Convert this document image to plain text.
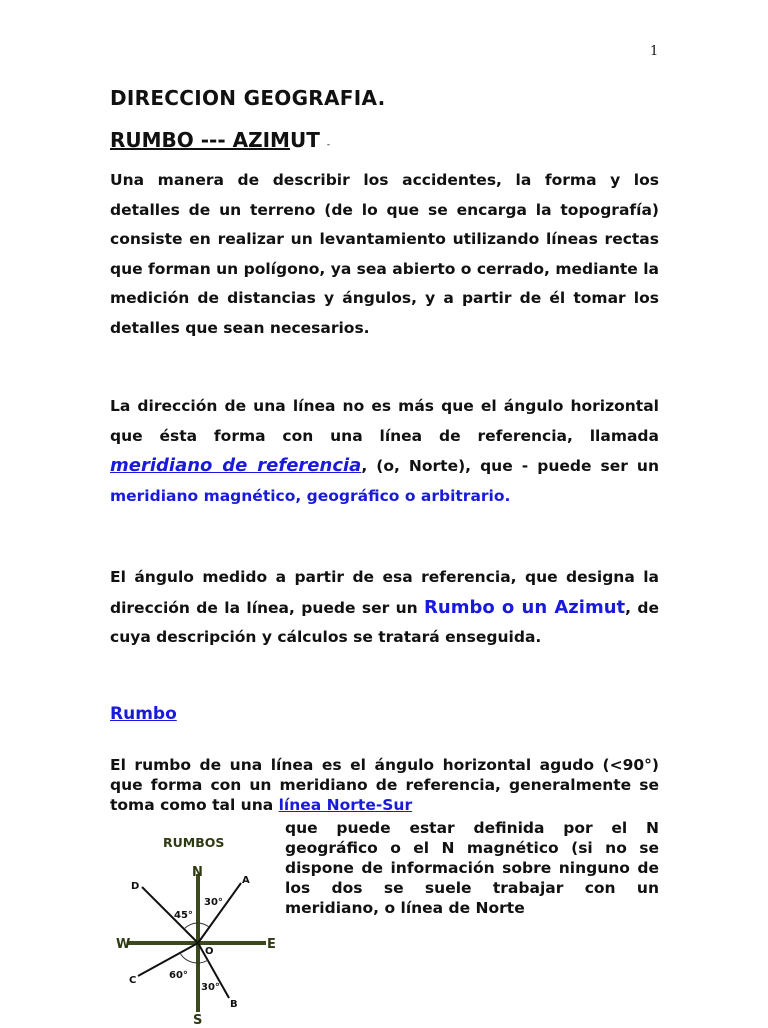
1
DIRECCION GEOGRAFIA.
RUMBO --- AZIMUT -

Una manera de describir los accidentes, la forma y los detalles de un terreno (de lo que se encarga la topografía) consiste en realizar un levantamiento utilizando líneas rectas que forman un polígono, ya sea abierto o cerrado, mediante la medición de distancias y ángulos, y a partir de él tomar los detalles que sean necesarios.

La dirección de una línea no es más que el ángulo horizontal que ésta forma con una línea de referencia, llamada meridiano de referencia, (o, Norte), que - puede ser un meridiano magnético, geográfico o arbitrario.

El ángulo medido a partir de esa referencia, que designa la dirección de la línea, puede ser un Rumbo o un Azimut, de cuya descripción y cálculos se tratará enseguida.

Rumbo

El rumbo de una línea es el ángulo horizontal agudo (<90°) que forma con un meridiano de referencia, generalmente se toma como tal una línea Norte-Sur

que puede estar definida por el N geográfico o el N magnético (si no se dispone de información sobre ninguno de los dos se suele trabajar con un meridiano, o línea de Norte

RUMBOS
N
S
E
W	O
A
B
C
D
30°
45°
60°
30°
